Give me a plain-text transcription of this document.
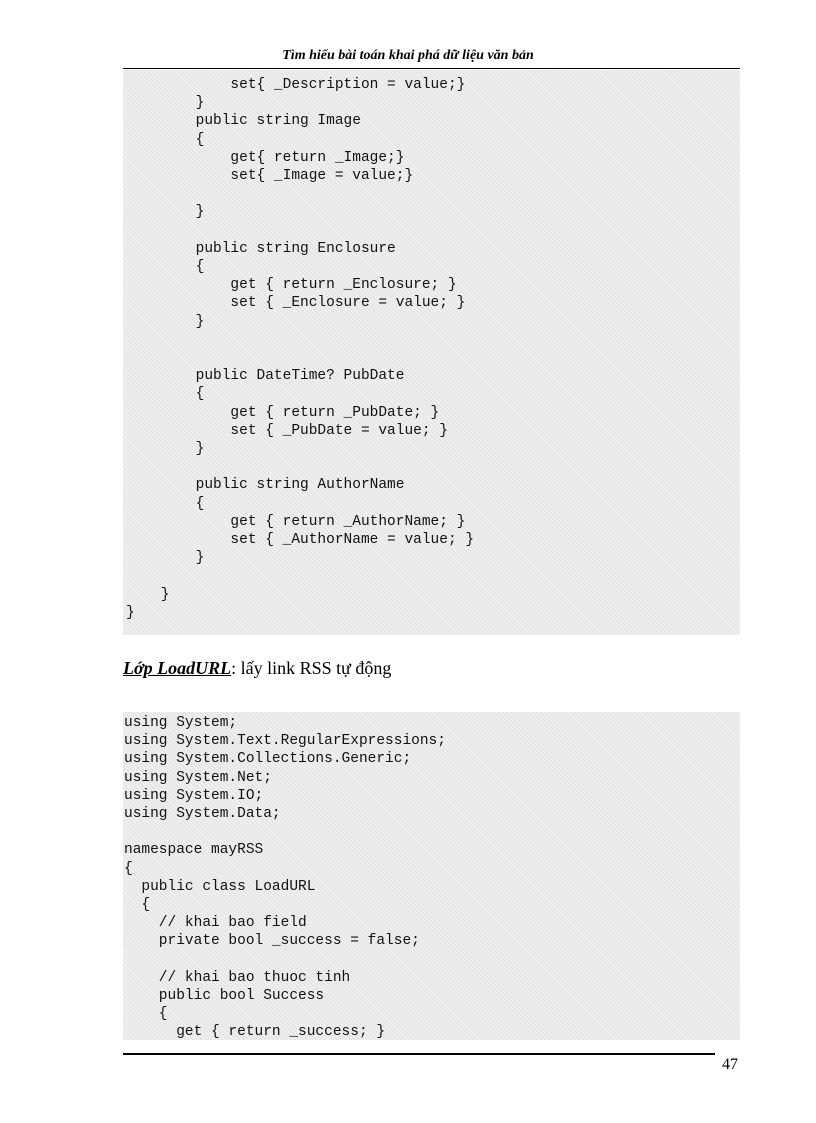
Tìm hiểu bài toán khai phá dữ liệu văn bản
set{ _Description = value;}
}
public string Image
{
get{ return _Image;}
set{ _Image = value;}

}

public string Enclosure
{
get { return _Enclosure; }
set { _Enclosure = value; }
}

public DateTime? PubDate
{
get { return _PubDate; }
set { _PubDate = value; }
}

public string AuthorName
{
get { return _AuthorName; }
set { _AuthorName = value; }
}

}
}
Lớp LoadURL: lấy link RSS tự động
using System;
using System.Text.RegularExpressions;
using System.Collections.Generic;
using System.Net;
using System.IO;
using System.Data;

namespace mayRSS
{
public class LoadURL
{
// khai bao field
private bool _success = false;

// khai bao thuoc tinh
public bool Success
{
get { return _success; }
47
